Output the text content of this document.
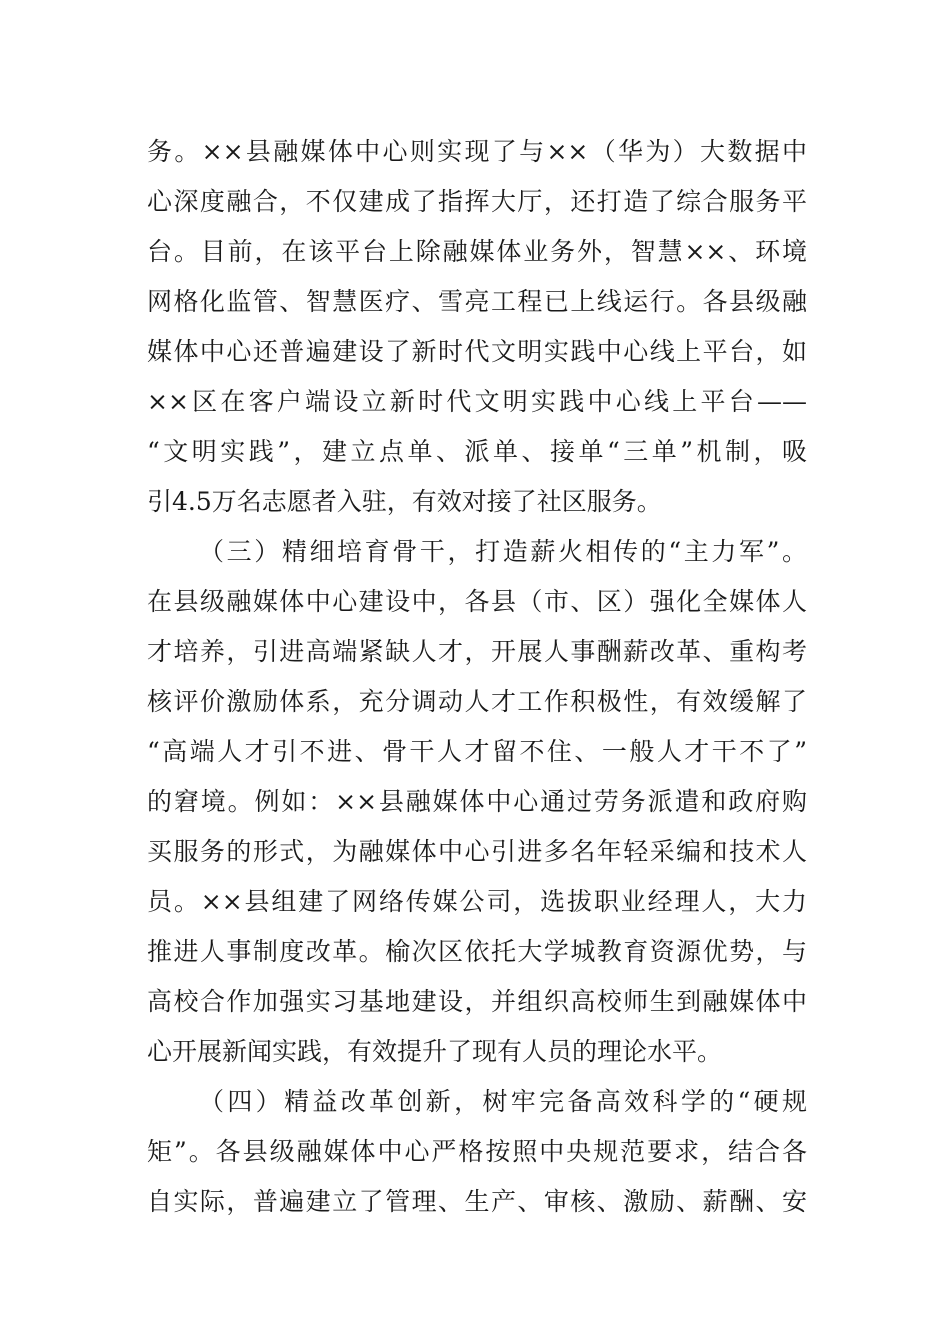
务。××县融媒体中心则实现了与××（华为）大数据中
心深度融合，不仅建成了指挥大厅，还打造了综合服务平
台。目前，在该平台上除融媒体业务外，智慧××、环境
网格化监管、智慧医疗、雪亮工程已上线运行。各县级融
媒体中心还普遍建设了新时代文明实践中心线上平台，如
××区在客户端设立新时代文明实践中心线上平台——
“文明实践”，建立点单、派单、接单“三单”机制，吸
引4.5万名志愿者入驻，有效对接了社区服务。
（三）精细培育骨干，打造薪火相传的“主力军”。
在县级融媒体中心建设中，各县（市、区）强化全媒体人
才培养，引进高端紧缺人才，开展人事酬薪改革、重构考
核评价激励体系，充分调动人才工作积极性，有效缓解了
“高端人才引不进、骨干人才留不住、一般人才干不了”
的窘境。例如：××县融媒体中心通过劳务派遣和政府购
买服务的形式，为融媒体中心引进多名年轻采编和技术人
员。××县组建了网络传媒公司，选拔职业经理人，大力
推进人事制度改革。榆次区依托大学城教育资源优势，与
高校合作加强实习基地建设，并组织高校师生到融媒体中
心开展新闻实践，有效提升了现有人员的理论水平。
（四）精益改革创新，树牢完备高效科学的“硬规
矩”。各县级融媒体中心严格按照中央规范要求，结合各
自实际，普遍建立了管理、生产、审核、激励、薪酬、安
